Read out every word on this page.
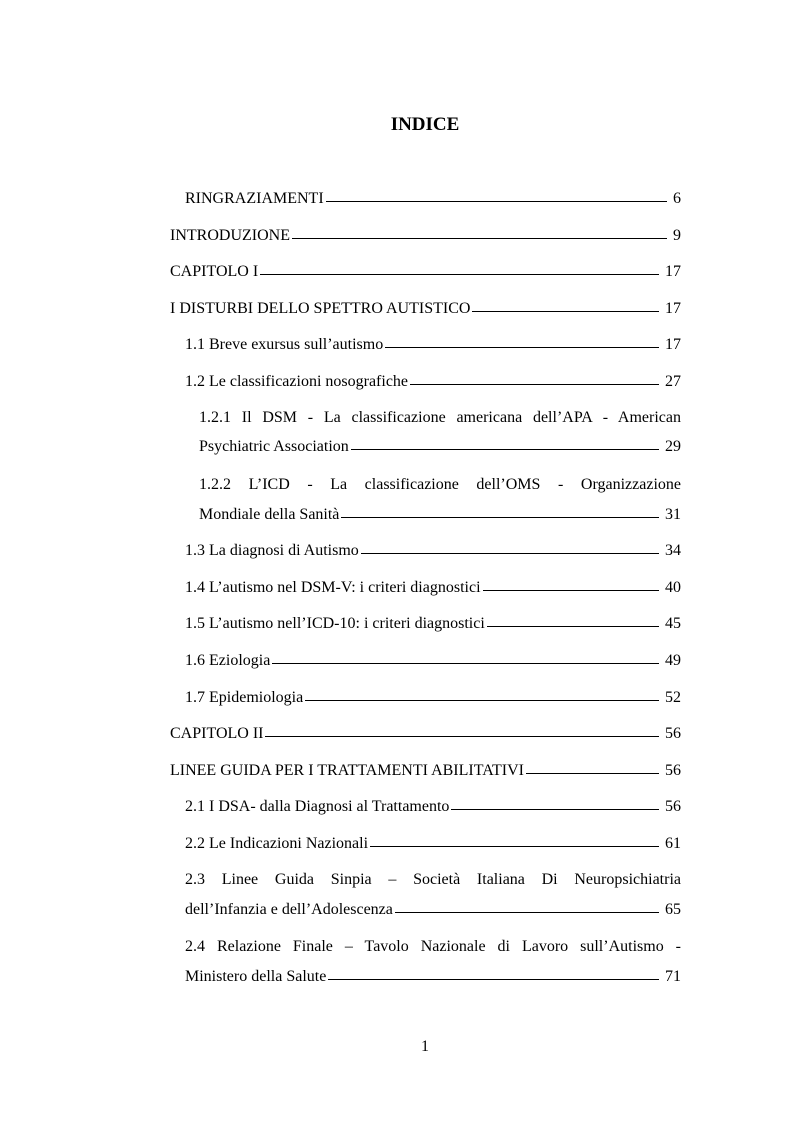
INDICE
RINGRAZIAMENTI	6
INTRODUZIONE	9
CAPITOLO I	17
I DISTURBI DELLO SPETTRO AUTISTICO	17
1.1 Breve exursus sull’autismo	17
1.2 Le classificazioni nosografiche	27
1.2.1 Il DSM - La classificazione americana dell’APA - American
Psychiatric Association	29
1.2.2 L’ICD - La classificazione dell’OMS - Organizzazione
Mondiale della Sanità	31
1.3 La diagnosi di Autismo	34
1.4 L’autismo nel DSM-V: i criteri diagnostici	40
1.5 L’autismo nell’ICD-10: i criteri diagnostici	45
1.6 Eziologia	49
1.7 Epidemiologia	52
CAPITOLO II	56
LINEE GUIDA PER I TRATTAMENTI ABILITATIVI	56
2.1 I DSA- dalla Diagnosi al Trattamento	56
2.2 Le Indicazioni Nazionali	61
2.3 Linee Guida Sinpia – Società Italiana Di Neuropsichiatria
dell’Infanzia e dell’Adolescenza	65
2.4 Relazione Finale – Tavolo Nazionale di Lavoro sull’Autismo -
Ministero della Salute	71
1
